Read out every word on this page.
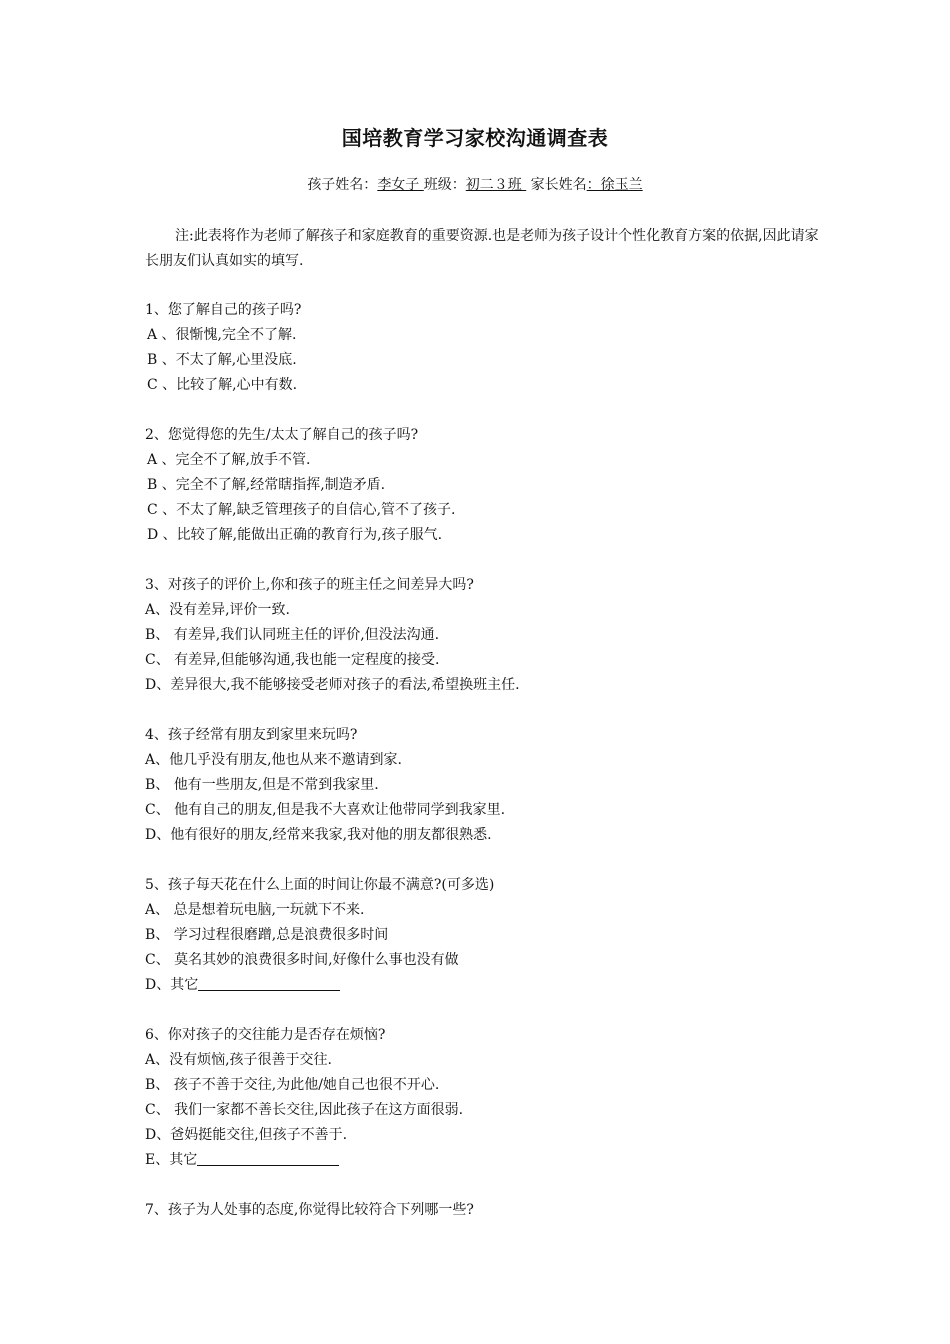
国培教育学习家校沟通调查表
孩子姓名：李女子 班级：初二３班  家长姓名：徐玉兰
注:此表将作为老师了解孩子和家庭教育的重要资源.也是老师为孩子设计个性化教育方案的依据,因此请家长朋友们认真如实的填写.
1、您了解自己的孩子吗?
A 、很惭愧,完全不了解.
B 、不太了解,心里没底.
C 、比较了解,心中有数.
2、您觉得您的先生/太太了解自己的孩子吗?
A 、完全不了解,放手不管.
B 、完全不了解,经常瞎指挥,制造矛盾.
C 、不太了解,缺乏管理孩子的自信心,管不了孩子.
D 、比较了解,能做出正确的教育行为,孩子服气.
3、对孩子的评价上,你和孩子的班主任之间差异大吗?
A、没有差异,评价一致.
B、 有差异,我们认同班主任的评价,但没法沟通.
C、 有差异,但能够沟通,我也能一定程度的接受.
D、差异很大,我不能够接受老师对孩子的看法,希望换班主任.
4、孩子经常有朋友到家里来玩吗?
A、他几乎没有朋友,他也从来不邀请到家.
B、 他有一些朋友,但是不常到我家里.
C、 他有自己的朋友,但是我不大喜欢让他带同学到我家里.
D、他有很好的朋友,经常来我家,我对他的朋友都很熟悉.
5、孩子每天花在什么上面的时间让你最不满意?(可多选)
A、 总是想着玩电脑,一玩就下不来.
B、 学习过程很磨蹭,总是浪费很多时间
C、 莫名其妙的浪费很多时间,好像什么事也没有做
D、其它
6、你对孩子的交往能力是否存在烦恼?
A、没有烦恼,孩子很善于交往.
B、 孩子不善于交往,为此他/她自己也很不开心.
C、 我们一家都不善长交往,因此孩子在这方面很弱.
D、爸妈挺能交往,但孩子不善于.
E、其它
7、孩子为人处事的态度,你觉得比较符合下列哪一些?
